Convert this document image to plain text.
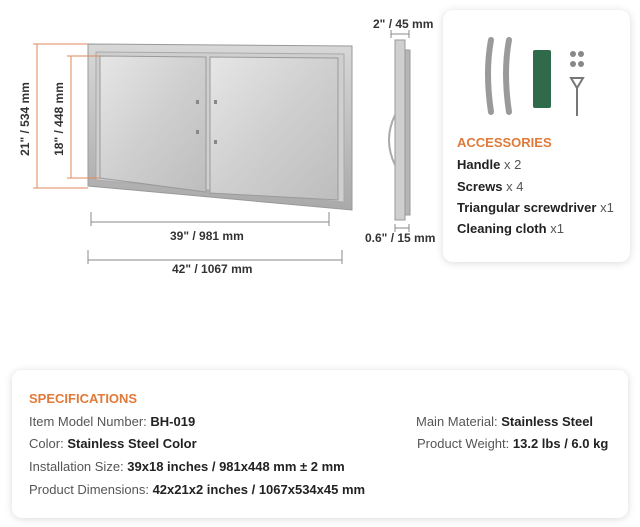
21" / 534 mm 18" / 448 mm
39" / 981 mm
42" / 1067 mm
2" / 45 mm
0.6" / 15 mm
ACCESSORIES
Handle x 2
Screws x 4
Triangular screwdriver x1
Cleaning cloth x1
SPECIFICATIONS
Item Model Number: BH-019
Color: Stainless Steel Color
Installation Size: 39x18 inches / 981x448 mm ± 2 mm
Product Dimensions: 42x21x2 inches / 1067x534x45 mm
Main Material: Stainless Steel
Product Weight: 13.2 lbs / 6.0 kg
